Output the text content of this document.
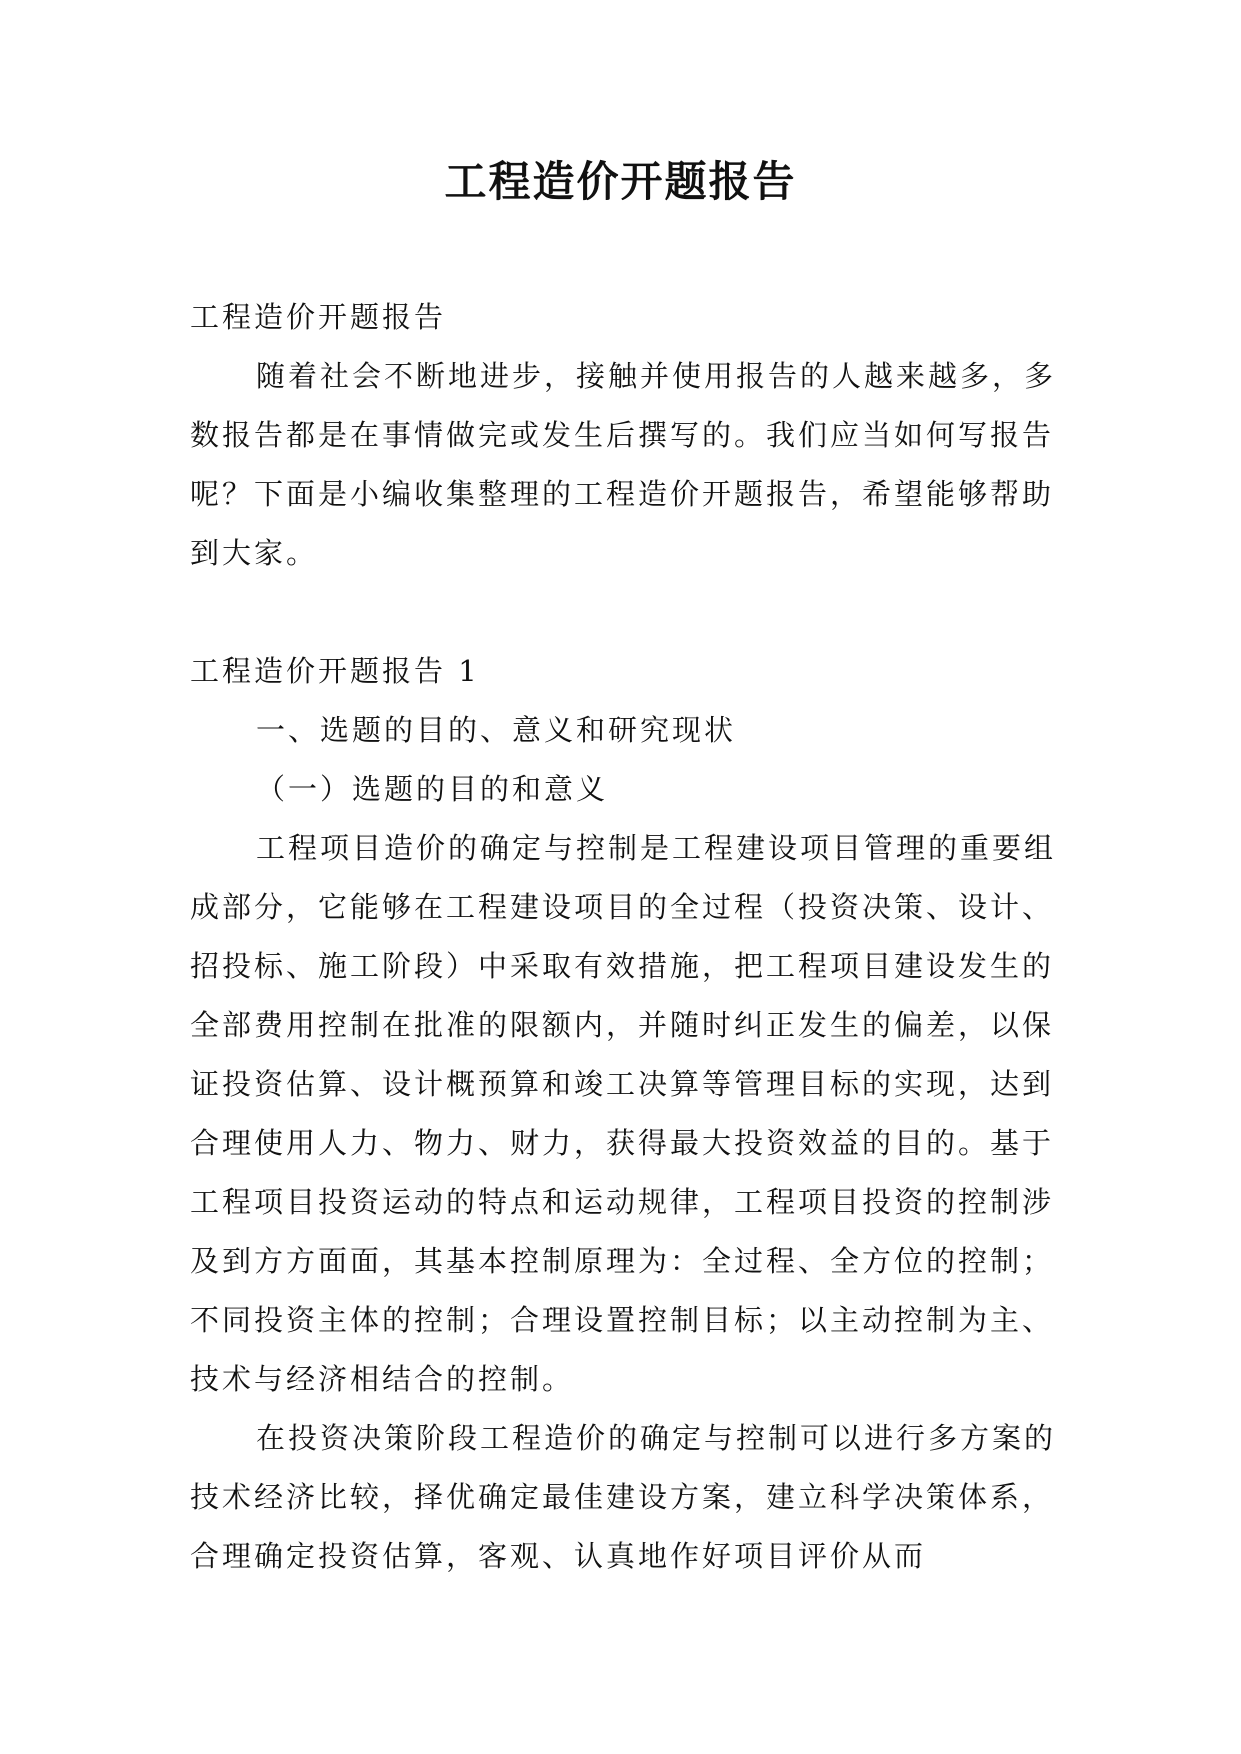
工程造价开题报告

工程造价开题报告

随着社会不断地进步，接触并使用报告的人越来越多，多数报告都是在事情做完或发生后撰写的。我们应当如何写报告呢？下面是小编收集整理的工程造价开题报告，希望能够帮助到大家。

工程造价开题报告 1

一、选题的目的、意义和研究现状

（一）选题的目的和意义

工程项目造价的确定与控制是工程建设项目管理的重要组成部分，它能够在工程建设项目的全过程（投资决策、设计、招投标、施工阶段）中采取有效措施，把工程项目建设发生的全部费用控制在批准的限额内，并随时纠正发生的偏差，以保证投资估算、设计概预算和竣工决算等管理目标的实现，达到合理使用人力、物力、财力，获得最大投资效益的目的。基于工程项目投资运动的特点和运动规律，工程项目投资的控制涉及到方方面面，其基本控制原理为：全过程、全方位的控制；不同投资主体的控制；合理设置控制目标；以主动控制为主、技术与经济相结合的控制。

在投资决策阶段工程造价的确定与控制可以进行多方案的技术经济比较，择优确定最佳建设方案，建立科学决策体系，合理确定投资估算，客观、认真地作好项目评价从而
